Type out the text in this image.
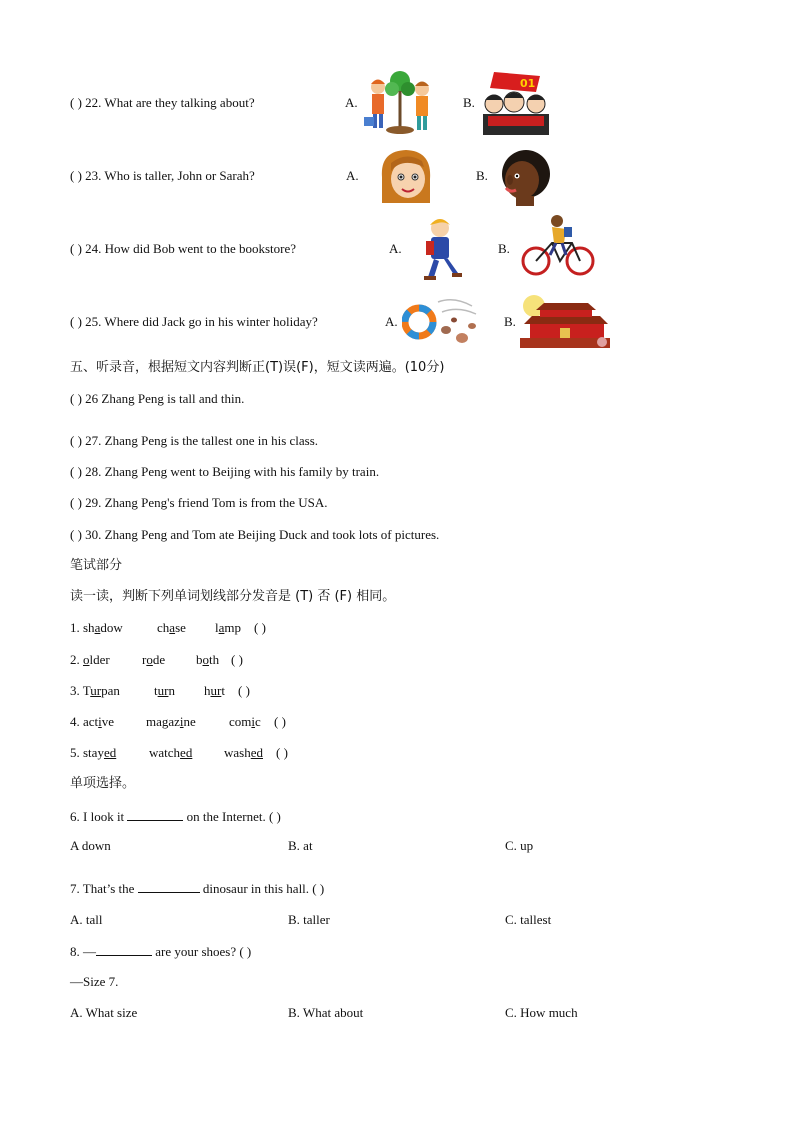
( ) 22. What are they talking about?	A.	B.
01
( ) 23. Who is taller, John or Sarah?	A.	B.
( ) 24. How did Bob went to the bookstore?	A.	B.
( ) 25. Where did Jack go in his winter holiday?	A.	B.
五、听录音，根据短文内容判断正(T)误(F)，短文读两遍。(10分)
( ) 26 Zhang Peng is tall and thin.
( ) 27. Zhang Peng is the tallest one in his class.
( ) 28. Zhang Peng went to Beijing with his family by train.
( ) 29. Zhang Peng's friend Tom is from the USA.
( ) 30. Zhang Peng and Tom ate Beijing Duck and took lots of pictures.
笔试部分
读一读，判断下列单词划线部分发音是 (T) 否 (F) 相同。
1. shadow	chase lamp ( )
2. older rode both ( )
3. Turpan	turn hurt ( )
4. active magazine	comic ( )
5. stayed	watched washed ( )
单项选择。
6. I look it	on the Internet. ( )
A down	B. at	C. up
7. That’s the	dinosaur in this hall. ( )
A. tall	B. taller	C. tallest
8. —	are your shoes? ( )
—Size 7.
A. What size	B. What about	C. How much
